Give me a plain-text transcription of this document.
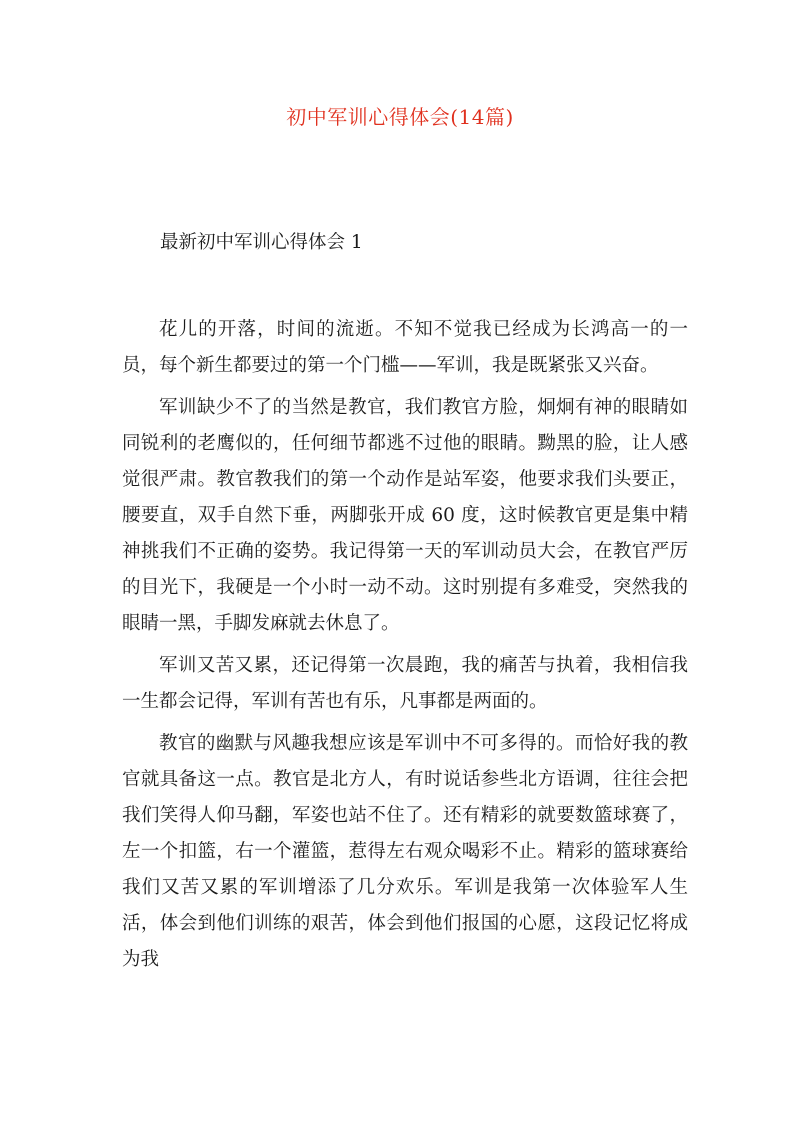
初中军训心得体会(14篇)
最新初中军训心得体会 1

花儿的开落，时间的流逝。不知不觉我已经成为长鸿高一的一员，每个新生都要过的第一个门槛——军训，我是既紧张又兴奋。

军训缺少不了的当然是教官，我们教官方脸，炯炯有神的眼睛如同锐利的老鹰似的，任何细节都逃不过他的眼睛。黝黑的脸，让人感觉很严肃。教官教我们的第一个动作是站军姿，他要求我们头要正，腰要直，双手自然下垂，两脚张开成 60 度，这时候教官更是集中精神挑我们不正确的姿势。我记得第一天的军训动员大会，在教官严厉的目光下，我硬是一个小时一动不动。这时别提有多难受，突然我的眼睛一黑，手脚发麻就去休息了。

军训又苦又累，还记得第一次晨跑，我的痛苦与执着，我相信我一生都会记得，军训有苦也有乐，凡事都是两面的。

教官的幽默与风趣我想应该是军训中不可多得的。而恰好我的教官就具备这一点。教官是北方人，有时说话参些北方语调，往往会把我们笑得人仰马翻，军姿也站不住了。还有精彩的就要数篮球赛了，左一个扣篮，右一个灌篮，惹得左右观众喝彩不止。精彩的篮球赛给我们又苦又累的军训增添了几分欢乐。军训是我第一次体验军人生活，体会到他们训练的艰苦，体会到他们报国的心愿，这段记忆将成为我
